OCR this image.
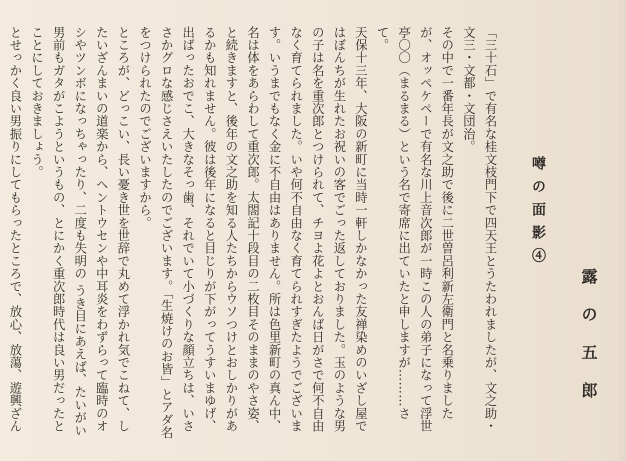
「三十石」で有名な桂文枝門下で四天王とうたわれましたが、文之助・文三・文都・文団治。

その中で一番年長が文之助で後に二世曽呂利新左衛門と名乗りましたが、オッペケペーで有名な川上音次郎が一時この人の弟子になって浮世亭〇〇（まるまる）という名で寄席に出ていたと申しますが………さて。

天保十三年、大阪の新町に当時一軒しかなかった友禅染めのいざし屋ではぼんちが生れたお祝いの客でごった返しておりました。玉のような男の子は名を重次郎とつけられて、チヨよ花よとおんば日がさで何不自由なく育てられました。いや何不自由なく育てられすぎたようでございます。いうまでもなく金に不自由はありません。所は色里新町の真ん中、名は体をあらわして重次郎。太閤記十段目の二枚目そのままのやさ姿、と続きますと、後年の文之助を知る人たちからウソつけとおしかりがあるかも知れません。彼は後年になると目じりが下がってうすいまゆげ、出ばったおでこ、大きなそっ歯、それでいて小づくりな顔立ちは、いささかグロな感じさえいたしたのでございます。「生焼けのお皆」とアダ名をつけられたのでございますから。

ところが、どっこい、長い憂き世を世辞で丸めて浮かれ気でこねて、したいざんまいの道楽から、ヘントウセンや中耳炎をわずらって臨時のオシやツンボになっちゃったり、二度も失明の うき目にあえば、たいがい男前もガタがこようというもの、とにかく重次郎時代は良い男だったとことにしておきましょう。

とせっかく良い男振りにしてもらったところで、放心、放蕩、遊興ざん

噂の面影④
露の五郎
